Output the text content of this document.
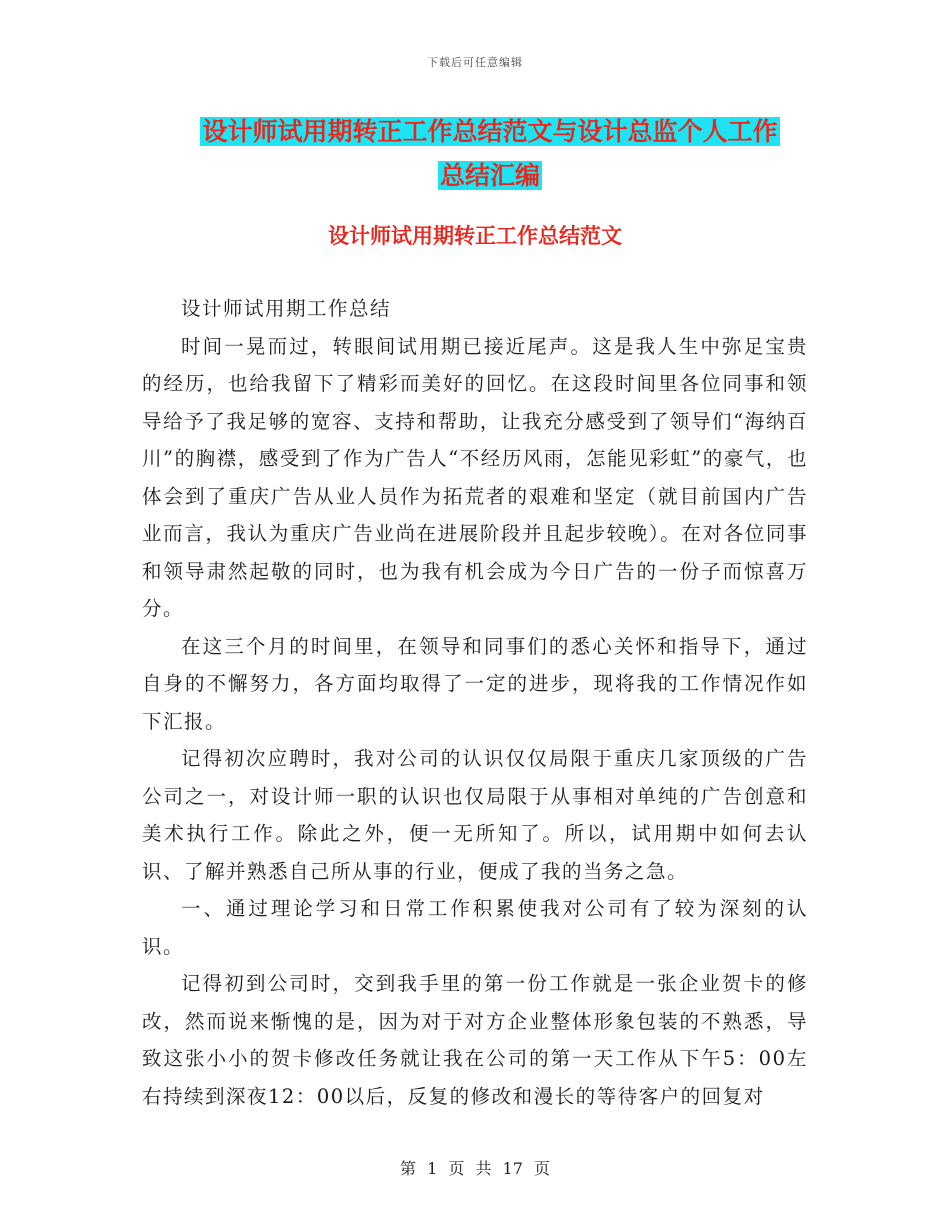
下载后可任意编辑
设计师试用期转正工作总结范文与设计总监个人工作
总结汇编
设计师试用期转正工作总结范文

设计师试用期工作总结

时间一晃而过，转眼间试用期已接近尾声。这是我人生中弥足宝贵的经历，也给我留下了精彩而美好的回忆。在这段时间里各位同事和领导给予了我足够的宽容、支持和帮助，让我充分感受到了领导们“海纳百川”的胸襟，感受到了作为广告人“不经历风雨，怎能见彩虹”的豪气，也体会到了重庆广告从业人员作为拓荒者的艰难和坚定（就目前国内广告业而言，我认为重庆广告业尚在进展阶段并且起步较晚）。在对各位同事和领导肃然起敬的同时，也为我有机会成为今日广告的一份子而惊喜万分。

在这三个月的时间里，在领导和同事们的悉心关怀和指导下，通过自身的不懈努力，各方面均取得了一定的进步，现将我的工作情况作如下汇报。

记得初次应聘时，我对公司的认识仅仅局限于重庆几家顶级的广告公司之一，对设计师一职的认识也仅局限于从事相对单纯的广告创意和美术执行工作。除此之外，便一无所知了。所以，试用期中如何去认识、了解并熟悉自己所从事的行业，便成了我的当务之急。

一、通过理论学习和日常工作积累使我对公司有了较为深刻的认识。

记得初到公司时，交到我手里的第一份工作就是一张企业贺卡的修改，然而说来惭愧的是，因为对于对方企业整体形象包装的不熟悉，导致这张小小的贺卡修改任务就让我在公司的第一天工作从下午5：00左右持续到深夜12：00以后，反复的修改和漫长的等待客户的回复对

第 1 页 共 17 页
